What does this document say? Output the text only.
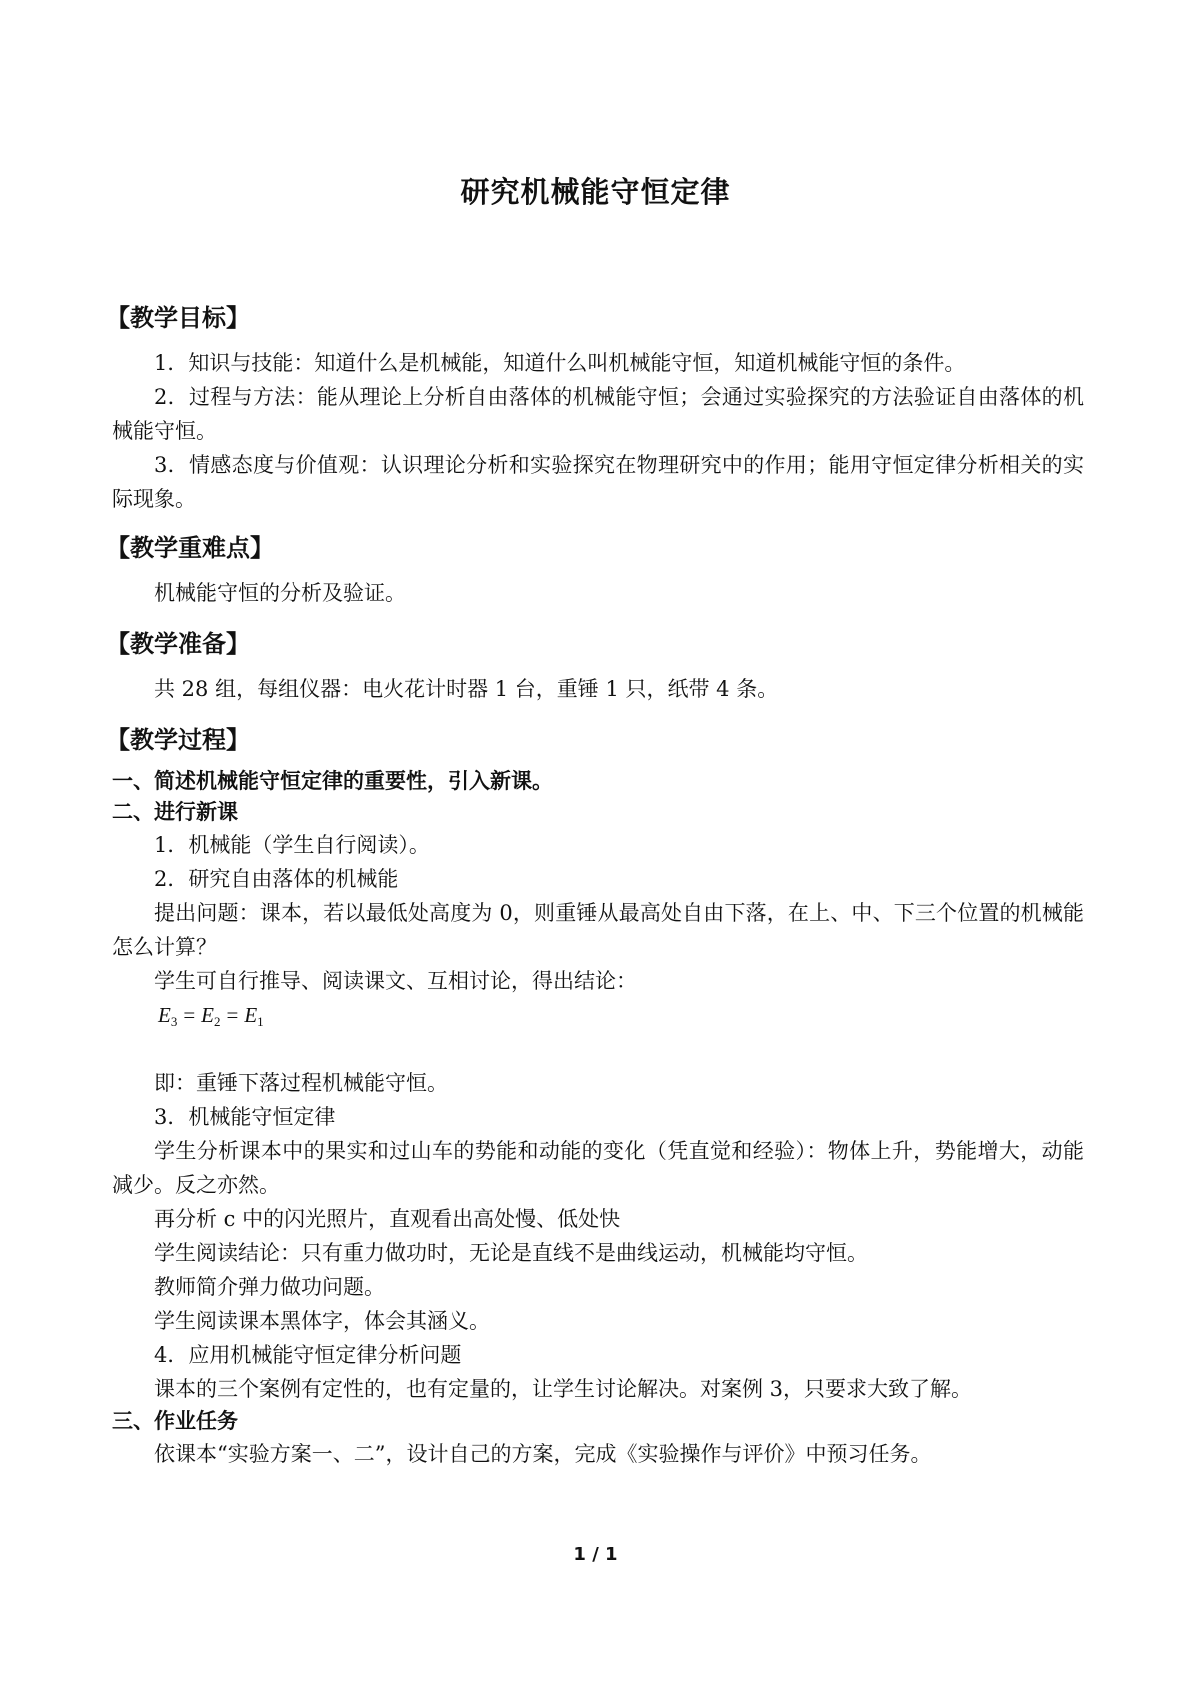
研究机械能守恒定律
【教学目标】

1．知识与技能：知道什么是机械能，知道什么叫机械能守恒，知道机械能守恒的条件。

2．过程与方法：能从理论上分析自由落体的机械能守恒；会通过实验探究的方法验证自由落体的机械能守恒。

3．情感态度与价值观：认识理论分析和实验探究在物理研究中的作用；能用守恒定律分析相关的实际现象。

【教学重难点】

机械能守恒的分析及验证。

【教学准备】

共 28 组，每组仪器：电火花计时器 1 台，重锤 1 只，纸带 4 条。

【教学过程】

一、简述机械能守恒定律的重要性，引入新课。

二、进行新课

1．机械能（学生自行阅读）。

2．研究自由落体的机械能

提出问题：课本，若以最低处高度为 0，则重锤从最高处自由下落，在上、中、下三个位置的机械能怎么计算？

学生可自行推导、阅读课文、互相讨论，得出结论：

$E_3 = E_2 = E_1$

即：重锤下落过程机械能守恒。

3．机械能守恒定律

学生分析课本中的果实和过山车的势能和动能的变化（凭直觉和经验）：物体上升，势能增大，动能减少。反之亦然。

再分析 c 中的闪光照片，直观看出高处慢、低处快

学生阅读结论：只有重力做功时，无论是直线不是曲线运动，机械能均守恒。

教师简介弹力做功问题。

学生阅读课本黑体字，体会其涵义。

4．应用机械能守恒定律分析问题

课本的三个案例有定性的，也有定量的，让学生讨论解决。对案例 3，只要求大致了解。

三、作业任务

依课本“实验方案一、二”，设计自己的方案，完成《实验操作与评价》中预习任务。

1 / 1
